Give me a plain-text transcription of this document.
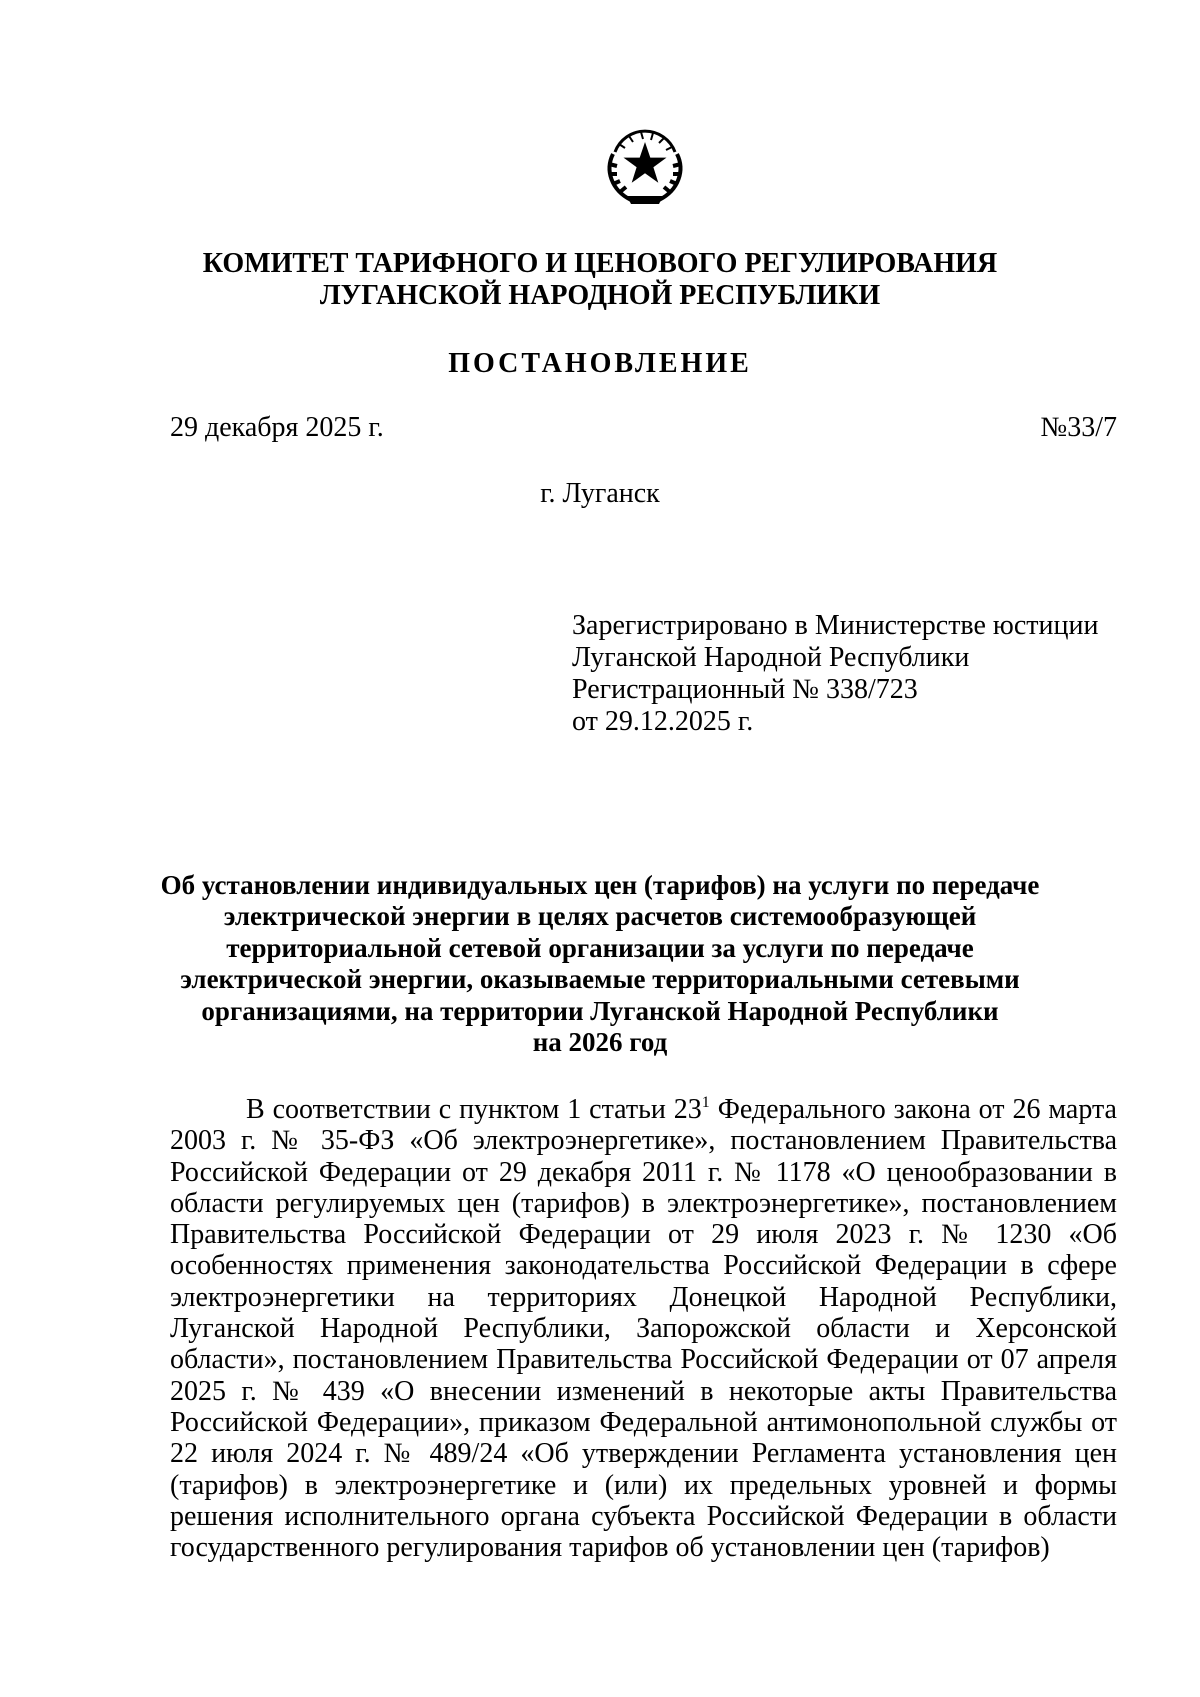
КОМИТЕТ ТАРИФНОГО И ЦЕНОВОГО РЕГУЛИРОВАНИЯ
ЛУГАНСКОЙ НАРОДНОЙ РЕСПУБЛИКИ
ПОСТАНОВЛЕНИЕ
29 декабря 2025 г.	№33/7
г. Луганск
Зарегистрировано в Министерстве юстиции
Луганской Народной Республики
Регистрационный № 338/723
от 29.12.2025 г.
Об установлении индивидуальных цен (тарифов) на услуги по передаче
электрической энергии в целях расчетов системообразующей
территориальной сетевой организации за услуги по передаче
электрической энергии, оказываемые территориальными сетевыми
организациями, на территории Луганской Народной Республики
на 2026 год
В соответствии с пунктом 1 статьи $23^1$ Федерального закона от 26 марта 2003 г. № 35-ФЗ «Об электроэнергетике», постановлением Правительства Российской Федерации от 29 декабря 2011 г. № 1178 «О ценообразовании в области регулируемых цен (тарифов) в электроэнергетике», постановлением Правительства Российской Федерации от 29 июля 2023 г. № 1230 «Об особенностях применения законодательства Российской Федерации в сфере электроэнергетики на территориях Донецкой Народной Республики, Луганской Народной Республики, Запорожской области и Херсонской области», постановлением Правительства Российской Федерации от 07 апреля 2025 г. № 439 «О внесении изменений в некоторые акты Правительства Российской Федерации», приказом Федеральной антимонопольной службы от 22 июля 2024 г. № 489/24 «Об утверждении Регламента установления цен (тарифов) в электроэнергетике и (или) их предельных уровней и формы решения исполнительного органа субъекта Российской Федерации в области государственного регулирования тарифов об установлении цен (тарифов)
